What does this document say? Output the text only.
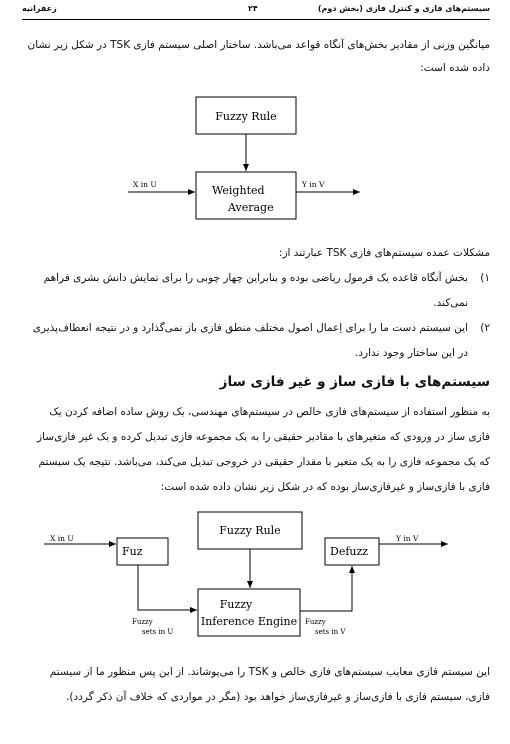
زعفرانیه	۲۴	سیستم‌های فازی و کنترل فازی (بخش دوم)
میانگین وزنی از مقادیر بخش‌های آنگاه قواعد می‌باشد. ساختار اصلی سیستم فازی TSK در شکل زیر نشان
داده شده است:
Fuzzy Rule
Weighted
Average
X in U	Y in V
مشکلات عمده سیستم‌های فازی TSK عبارتند از:
۱)
بخش آنگاه قاعده یک فرمول ریاضی بوده و بنابراین چهار چوبی را برای نمایش دانش بشری فراهم
نمی‌کند.
۲)
این سیستم دست ما را برای اِعمال اصول مختلف منطق فازی باز نمی‌گذارد و در نتیجه انعطاف‌پذیری
در این ساختار وجود ندارد.
سیستم‌های با فازی ساز و غیر فازی ساز
به منظور استفاده از سیستم‌های فازی خالص در سیستم‌های مهندسی، یک روش ساده اضافه کردن یک
فازی ساز در ورودی که متغیرهای با مقادیر حقیقی را به یک مجموعه فازی تبدیل کرده و یک غیر فازی‌ساز
که یک مجموعه فازی را به یک متغیر با مقدار حقیقی در خروجی تبدیل می‌کند، می‌باشد. نتیجه یک سیستم
فازی با فازی‌ساز و غیرفازی‌ساز بوده که در شکل زیر نشان داده شده است:
Fuzzy Rule
Fuzzy
Inference Engine
Fuz	Defuzz
X in U	Y in V
Fuzzy
sets in U
Fuzzy
sets in V
این سیستم فازی معایب سیستم‌های فازی خالص و TSK را می‌پوشاند. از این پس منظور ما از سیستم
فازی، سیستم فازی با فازی‌ساز و غیرفازی‌ساز خواهد بود (مگر در مواردی که خلاف آن ذکر گردد).
